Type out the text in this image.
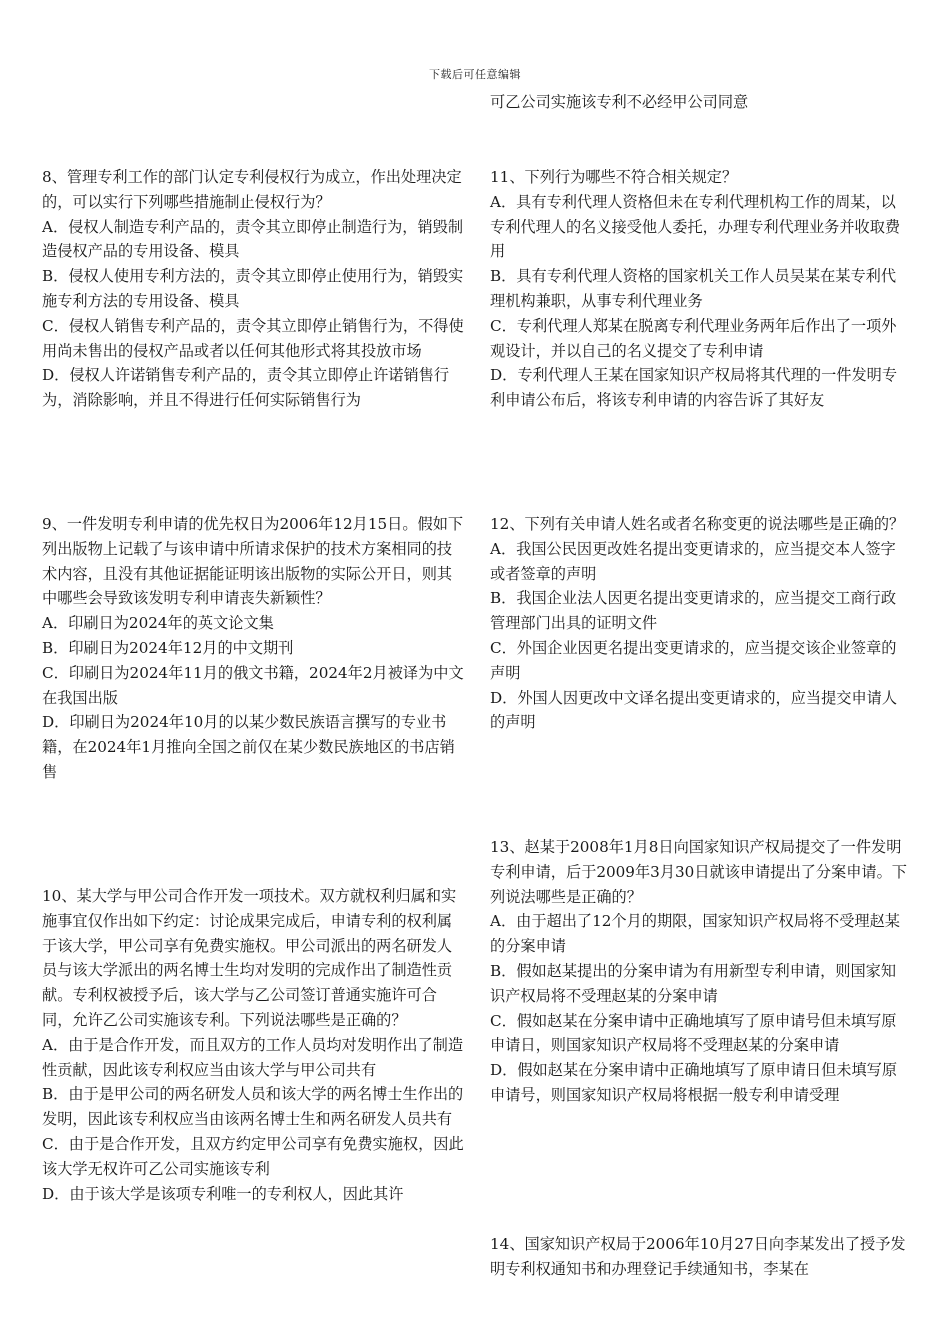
下载后可任意编辑

可乙公司实施该专利不必经甲公司同意

8、管理专利工作的部门认定专利侵权行为成立，作出处理决定的，可以实行下列哪些措施制止侵权行为？

A．侵权人制造专利产品的，责令其立即停止制造行为，销毁制造侵权产品的专用设备、模具

B．侵权人使用专利方法的，责令其立即停止使用行为，销毁实施专利方法的专用设备、模具

C．侵权人销售专利产品的，责令其立即停止销售行为，不得使用尚未售出的侵权产品或者以任何其他形式将其投放市场

D．侵权人许诺销售专利产品的，责令其立即停止许诺销售行为，消除影响，并且不得进行任何实际销售行为

11、下列行为哪些不符合相关规定？

A．具有专利代理人资格但未在专利代理机构工作的周某，以专利代理人的名义接受他人委托，办理专利代理业务并收取费用

B．具有专利代理人资格的国家机关工作人员吴某在某专利代理机构兼职，从事专利代理业务

C．专利代理人郑某在脱离专利代理业务两年后作出了一项外观设计，并以自己的名义提交了专利申请

D．专利代理人王某在国家知识产权局将其代理的一件发明专利申请公布后，将该专利申请的内容告诉了其好友

9、一件发明专利申请的优先权日为2006年12月15日。假如下列出版物上记载了与该申请中所请求保护的技术方案相同的技术内容，且没有其他证据能证明该出版物的实际公开日，则其中哪些会导致该发明专利申请丧失新颖性？

A．印刷日为2024年的英文论文集

B．印刷日为2024年12月的中文期刊

C．印刷日为2024年11月的俄文书籍，2024年2月被译为中文在我国出版

D．印刷日为2024年10月的以某少数民族语言撰写的专业书籍，在2024年1月推向全国之前仅在某少数民族地区的书店销售

12、下列有关申请人姓名或者名称变更的说法哪些是正确的？

A．我国公民因更改姓名提出变更请求的，应当提交本人签字或者签章的声明

B．我国企业法人因更名提出变更请求的，应当提交工商行政管理部门出具的证明文件

C．外国企业因更名提出变更请求的，应当提交该企业签章的声明

D．外国人因更改中文译名提出变更请求的，应当提交申请人的声明

13、赵某于2008年1月8日向国家知识产权局提交了一件发明专利申请，后于2009年3月30日就该申请提出了分案申请。下列说法哪些是正确的？

A．由于超出了12个月的期限，国家知识产权局将不受理赵某的分案申请

B．假如赵某提出的分案申请为有用新型专利申请，则国家知识产权局将不受理赵某的分案申请

C．假如赵某在分案申请中正确地填写了原申请号但未填写原申请日，则国家知识产权局将不受理赵某的分案申请

D．假如赵某在分案申请中正确地填写了原申请日但未填写原申请号，则国家知识产权局将根据一般专利申请受理

10、某大学与甲公司合作开发一项技术。双方就权利归属和实施事宜仅作出如下约定：讨论成果完成后，申请专利的权利属于该大学，甲公司享有免费实施权。甲公司派出的两名研发人员与该大学派出的两名博士生均对发明的完成作出了制造性贡献。专利权被授予后，该大学与乙公司签订普通实施许可合同，允许乙公司实施该专利。下列说法哪些是正确的？

A．由于是合作开发，而且双方的工作人员均对发明作出了制造性贡献，因此该专利权应当由该大学与甲公司共有

B．由于是甲公司的两名研发人员和该大学的两名博士生作出的发明，因此该专利权应当由该两名博士生和两名研发人员共有

C．由于是合作开发，且双方约定甲公司享有免费实施权，因此该大学无权许可乙公司实施该专利

D．由于该大学是该项专利唯一的专利权人，因此其许

14、国家知识产权局于2006年10月27日向李某发出了授予发明专利权通知书和办理登记手续通知书，李某在
